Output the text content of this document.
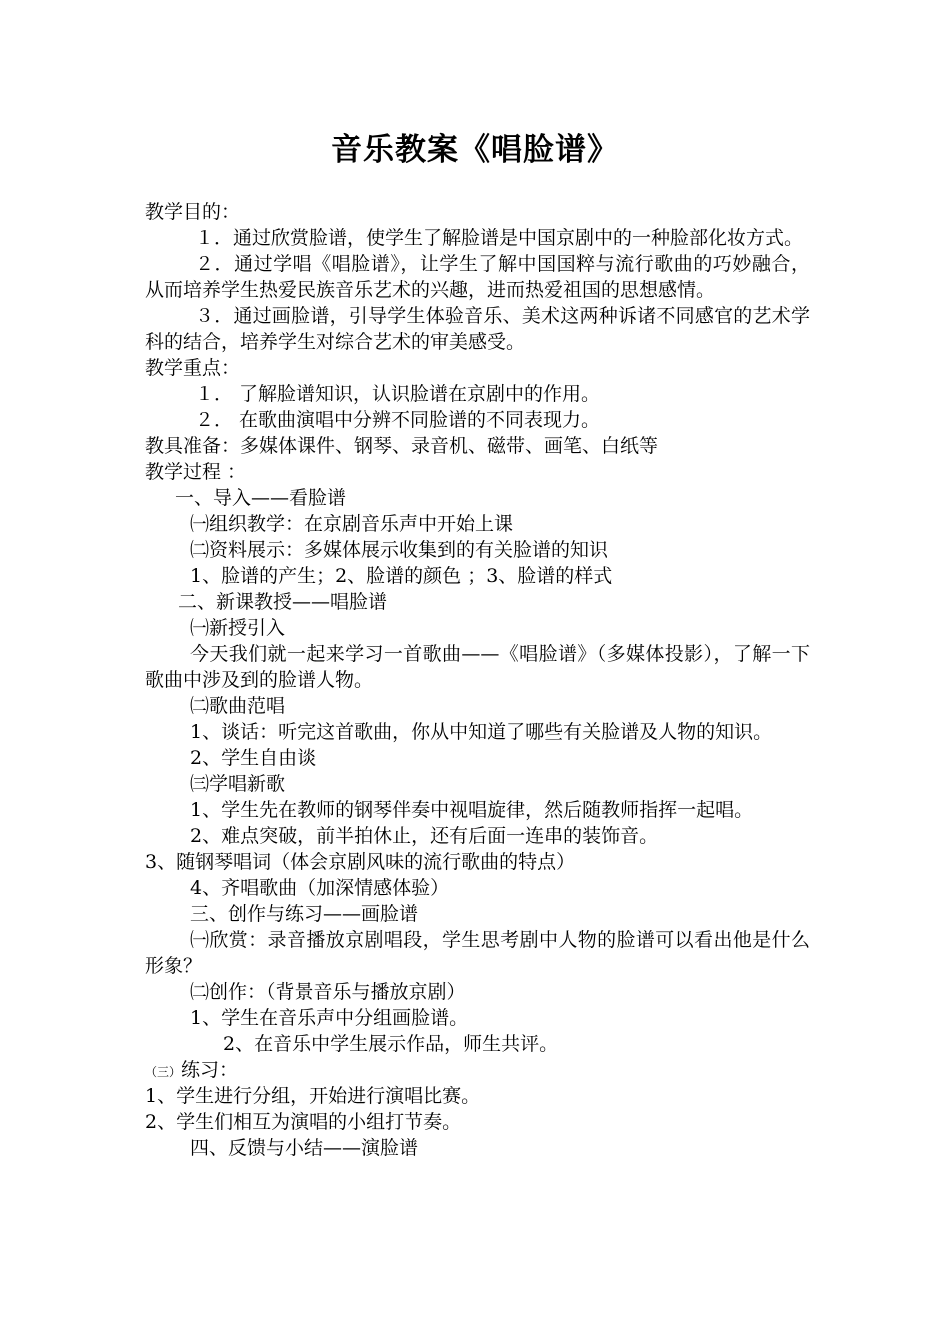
音乐教案《唱脸谱》
教学目的：
１．通过欣赏脸谱，使学生了解脸谱是中国京剧中的一种脸部化妆方式。
２．通过学唱《唱脸谱》，让学生了解中国国粹与流行歌曲的巧妙融合，从而培养学生热爱民族音乐艺术的兴趣，进而热爱祖国的思想感情。
３．通过画脸谱，引导学生体验音乐、美术这两种诉诸不同感官的艺术学科的结合，培养学生对综合艺术的审美感受。
教学重点：
１． 了解脸谱知识，认识脸谱在京剧中的作用。
２． 在歌曲演唱中分辨不同脸谱的不同表现力。
教具准备：多媒体课件、钢琴、录音机、磁带、画笔、白纸等
教学过程 ：
一、导入——看脸谱
㈠组织教学：在京剧音乐声中开始上课
㈡资料展示：多媒体展示收集到的有关脸谱的知识
1、脸谱的产生；2、脸谱的颜色 ；3、脸谱的样式
二、新课教授——唱脸谱
㈠新授引入
今天我们就一起来学习一首歌曲——《唱脸谱》（多媒体投影），了解一下歌曲中涉及到的脸谱人物。
㈡歌曲范唱
1、谈话：听完这首歌曲，你从中知道了哪些有关脸谱及人物的知识。
2、学生自由谈
㈢学唱新歌
1、学生先在教师的钢琴伴奏中视唱旋律，然后随教师指挥一起唱。
2、难点突破，前半拍休止，还有后面一连串的装饰音。
3、随钢琴唱词（体会京剧风味的流行歌曲的特点）
4、齐唱歌曲（加深情感体验）
三、创作与练习——画脸谱
㈠欣赏：录音播放京剧唱段，学生思考剧中人物的脸谱可以看出他是什么形象？
㈡创作：（背景音乐与播放京剧）
1、学生在音乐声中分组画脸谱。
2、在音乐中学生展示作品，师生共评。
（三）练习：
1、学生进行分组，开始进行演唱比赛。
2、学生们相互为演唱的小组打节奏。
四、反馈与小结——演脸谱
